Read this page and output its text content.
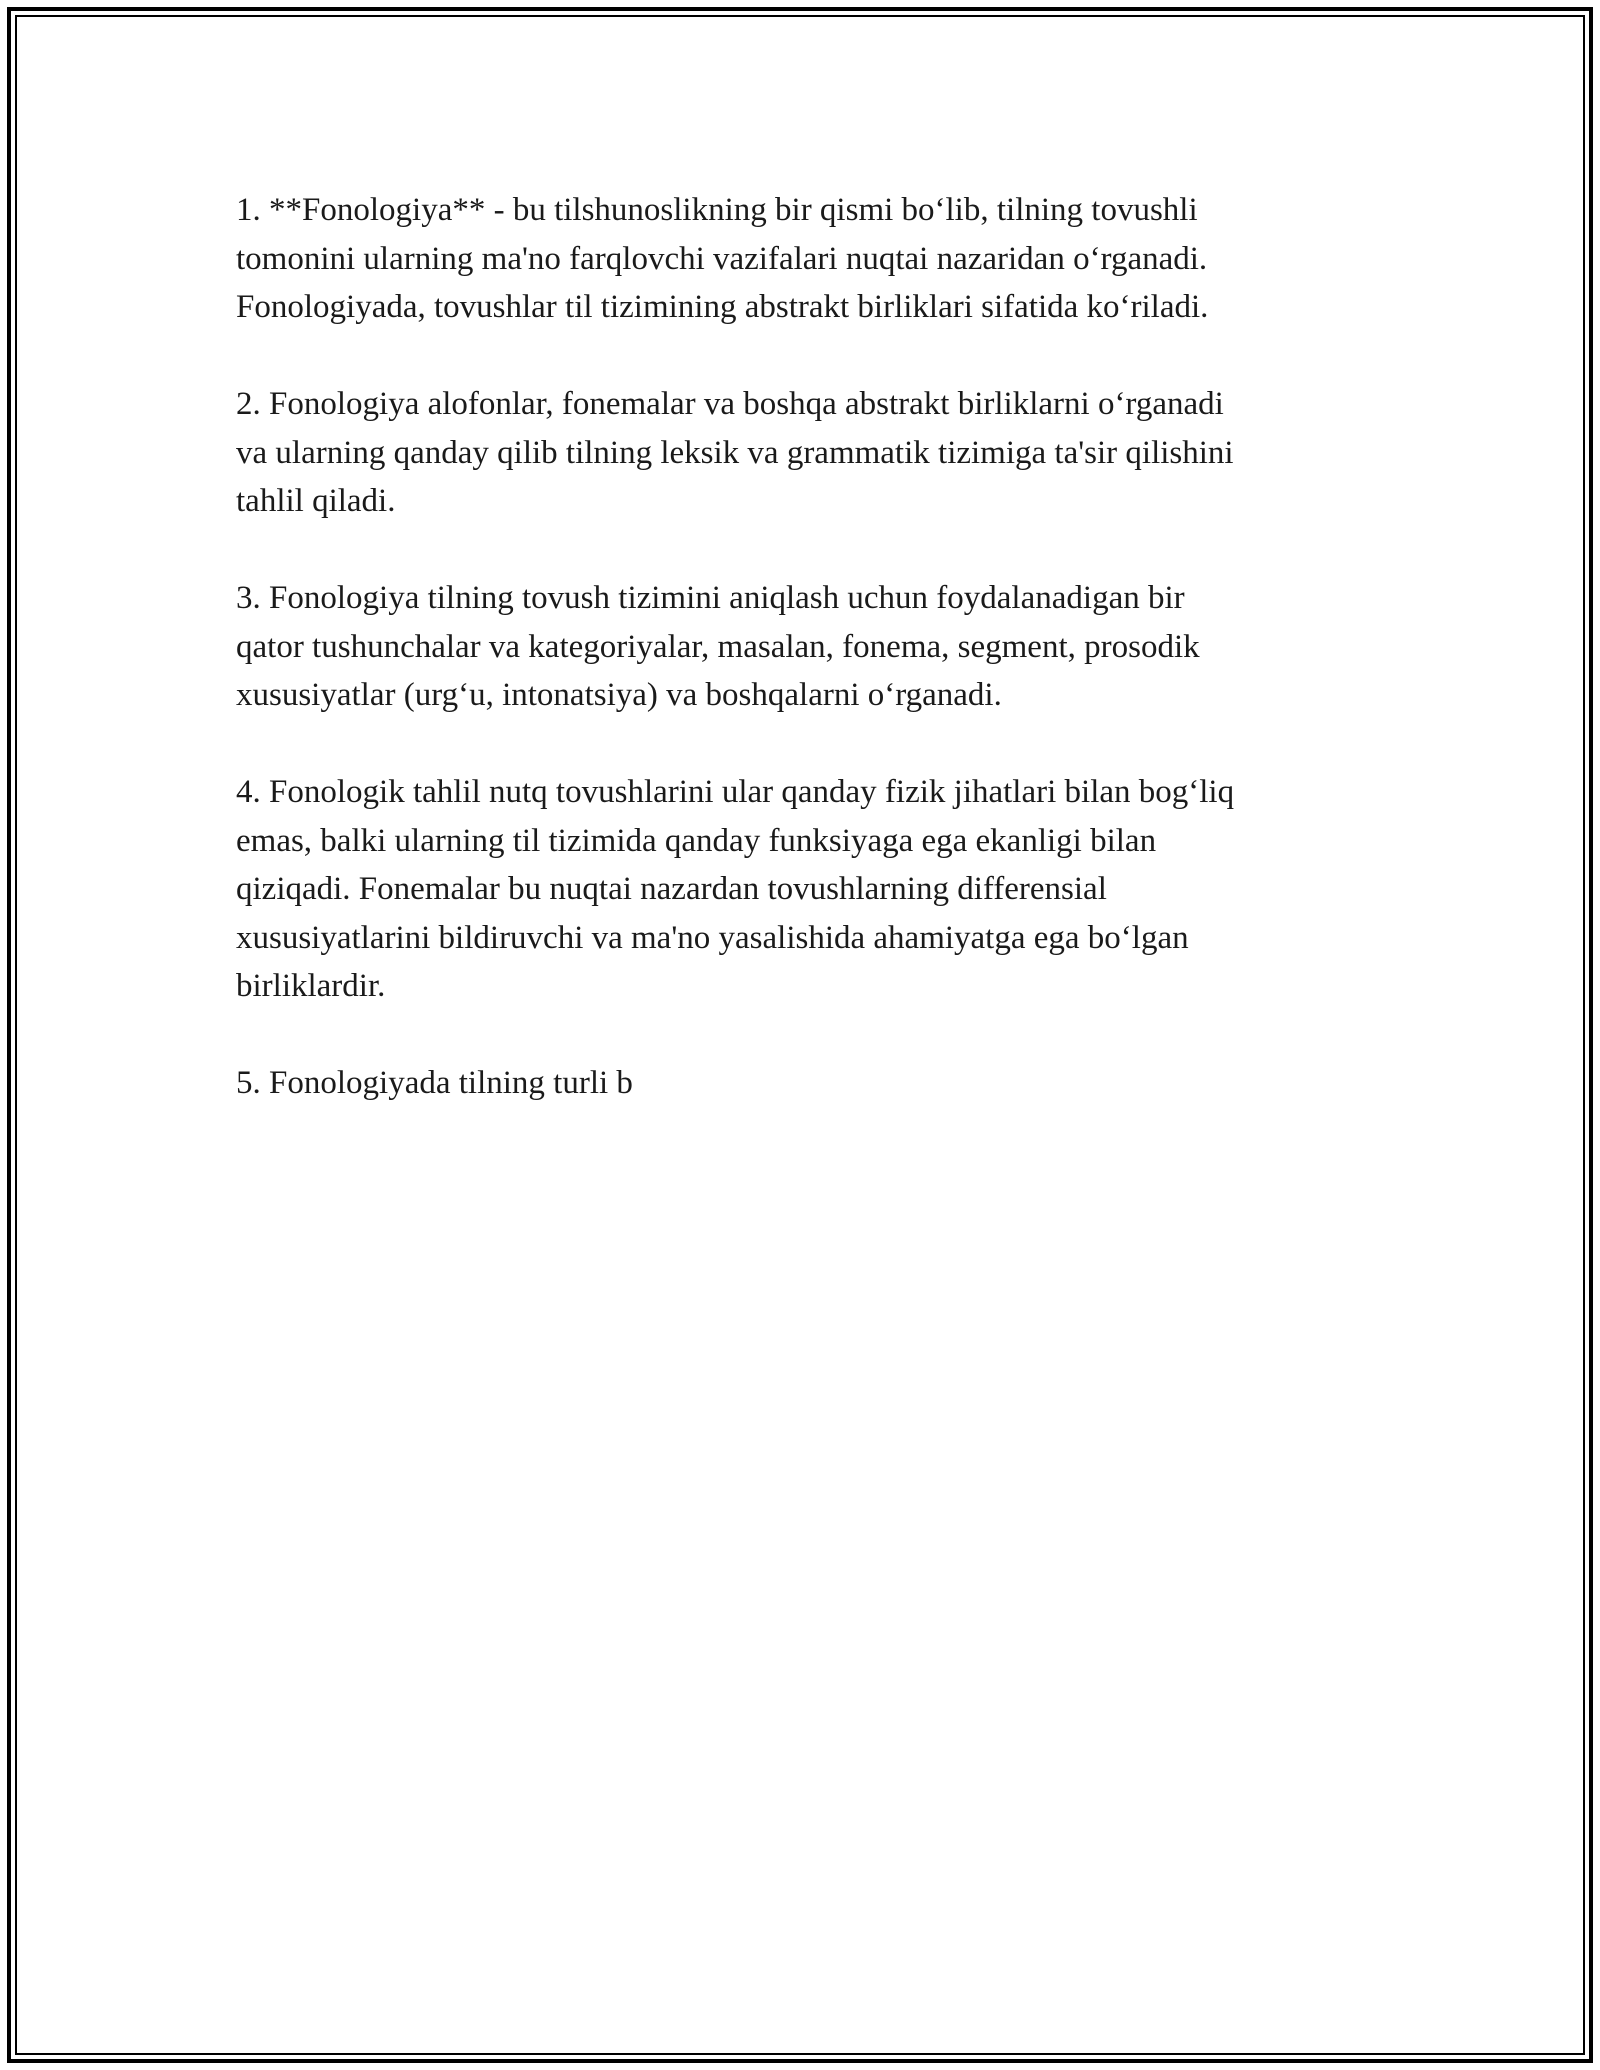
1. **Fonologiya** - bu tilshunoslikning bir qismi bo‘lib, tilning tovushli
tomonini ularning ma'no farqlovchi vazifalari nuqtai nazaridan o‘rganadi.
Fonologiyada, tovushlar til tizimining abstrakt birliklari sifatida ko‘riladi.

2. Fonologiya alofonlar, fonemalar va boshqa abstrakt birliklarni o‘rganadi
va ularning qanday qilib tilning leksik va grammatik tizimiga ta'sir qilishini
tahlil qiladi.

3. Fonologiya tilning tovush tizimini aniqlash uchun foydalanadigan bir
qator tushunchalar va kategoriyalar, masalan, fonema, segment, prosodik
xususiyatlar (urg‘u, intonatsiya) va boshqalarni o‘rganadi.

4. Fonologik tahlil nutq tovushlarini ular qanday fizik jihatlari bilan bog‘liq
emas, balki ularning til tizimida qanday funksiyaga ega ekanligi bilan
qiziqadi. Fonemalar bu nuqtai nazardan tovushlarning differensial
xususiyatlarini bildiruvchi va ma'no yasalishida ahamiyatga ega bo‘lgan
birliklardir.

5. Fonologiyada tilning turli b
